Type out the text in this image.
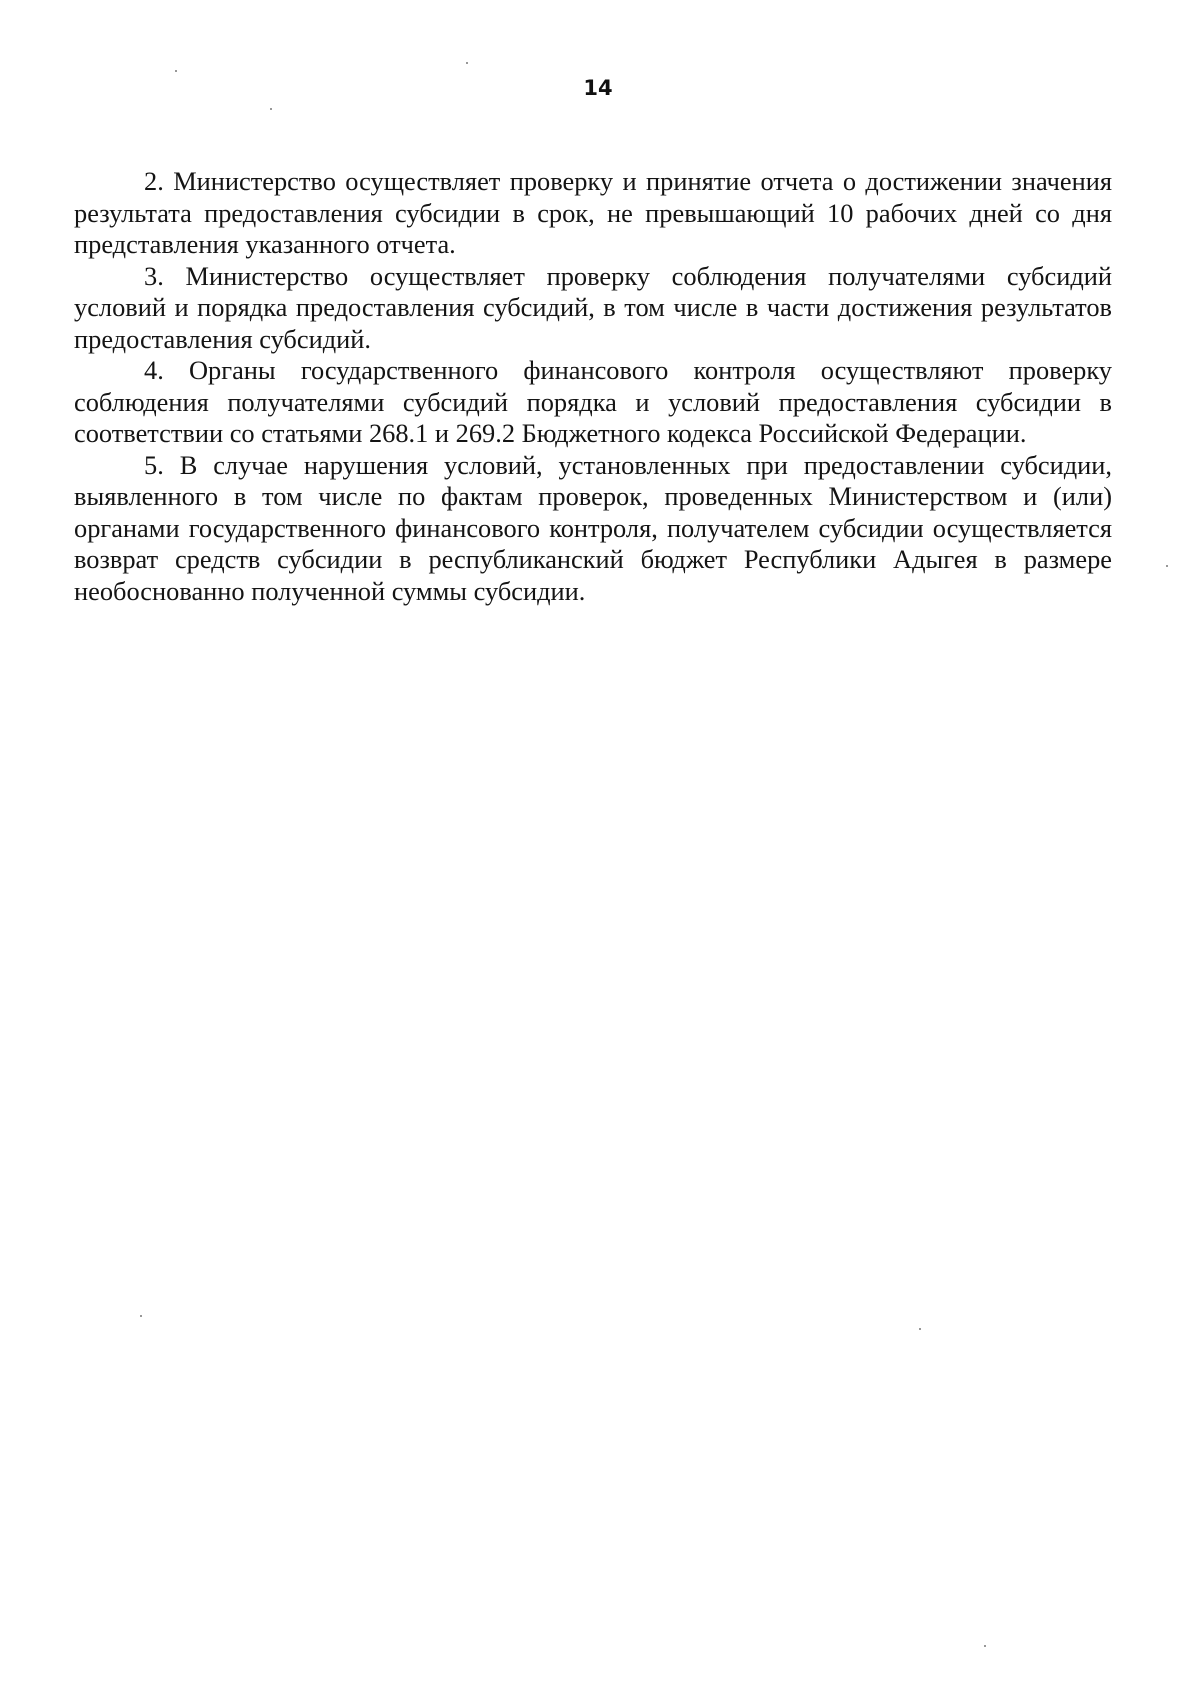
14

2. Министерство осуществляет проверку и принятие отчета о достижении значения результата предоставления субсидии в срок, не превышающий 10 рабочих дней со дня представления указанного отчета.

3. Министерство осуществляет проверку соблюдения получателями субсидий условий и порядка предоставления субсидий, в том числе в части достижения результатов предоставления субсидий.

4. Органы государственного финансового контроля осуществляют проверку соблюдения получателями субсидий порядка и условий предоставления субсидии в соответствии со статьями 268.1 и 269.2 Бюджетного кодекса Российской Федерации.

5. В случае нарушения условий, установленных при предоставлении субсидии, выявленного в том числе по фактам проверок, проведенных Министерством и (или) органами государственного финансового контроля, получателем субсидии осуществляется возврат средств субсидии в республиканский бюджет Республики Адыгея в размере необоснованно полученной суммы субсидии.
